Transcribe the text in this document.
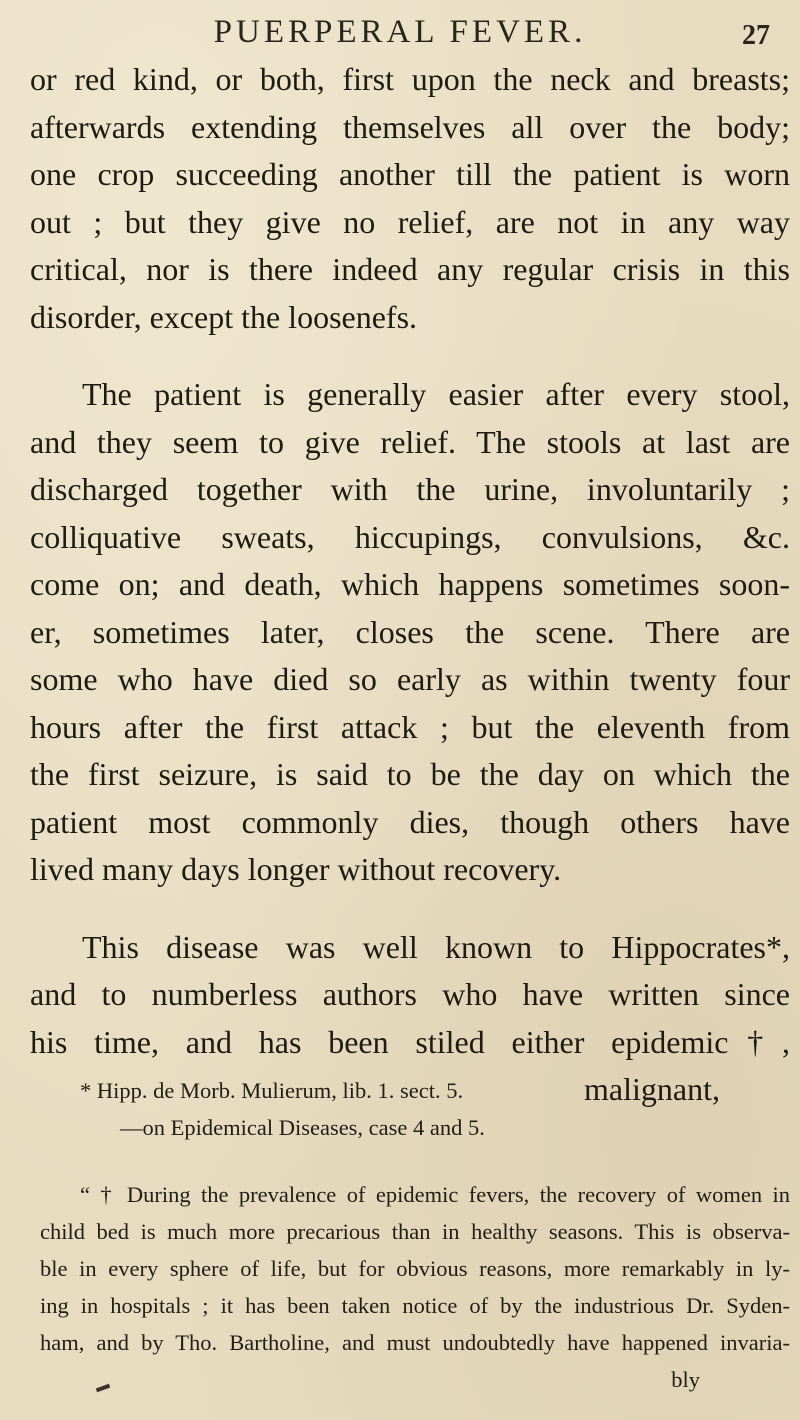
PUERPERAL FEVER.	27
or red kind, or both, first upon the neck and breasts;
afterwards extending themselves all over the body;
one crop succeeding another till the patient is worn
out ; but they give no relief, are not in any way
critical, nor is there indeed any regular crisis in this
disorder, except the loosenefs.
The patient is generally easier after every stool,
and they seem to give relief. The stools at last are
discharged together with the urine, involuntarily ;
colliquative sweats, hiccupings, convulsions, &c.
come on; and death, which happens sometimes soon-
er, sometimes later, closes the scene. There are
some who have died so early as within twenty four
hours after the first attack ; but the eleventh from
the first seizure, is said to be the day on which the
patient most commonly dies, though others have
lived many days longer without recovery.
This disease was well known to Hippocrates*,
and to numberless authors who have written since
his time, and has been stiled either epidemic†,
malignant,
* Hipp. de Morb. Mulierum, lib. 1. sect. 5.
—on Epidemical Diseases, case 4 and 5.
“ † During the prevalence of epidemic fevers, the recovery of women in
child bed is much more precarious than in healthy seasons. This is observa-
ble in every sphere of life, but for obvious reasons, more remarkably in ly-
ing in hospitals ; it has been taken notice of by the industrious Dr. Syden-
ham, and by Tho. Bartholine, and must undoubtedly have happened invaria-
bly
